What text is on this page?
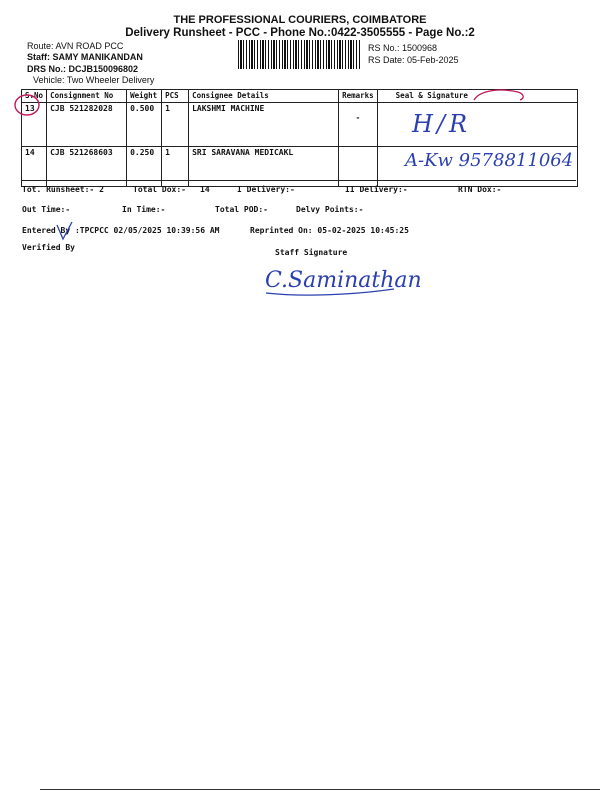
THE PROFESSIONAL COURIERS, COIMBATORE
Delivery Runsheet - PCC - Phone No.:0422-3505555 - Page No.:2
Route: AVN ROAD PCC
Staff: SAMY MANIKANDAN
DRS No.: DCJB150096802
Vehicle: Two Wheeler Delivery
RS No.: 1500968
RS Date: 05-Feb-2025
S.No	Consignment No	Weight	PCS	Consignee Details	Remarks	Seal & Signature
13	CJB 521282028	0.500	1	LAKSHMI MACHINE	-	
14	CJB 521268603	0.250	1	SRI SARAVANA MEDICAKL		
H/R
A-Kw 9578811064
Tot. Runsheet:- 2	Total Dox:- 14	I Delivery:-	II Delivery:-	RTN Dox:-
Out Time:-	In Time:-	Total POD:-	Delvy Points:-
Entered By :TPCPCC 02/05/2025 10:39:56 AM	Reprinted On: 05-02-2025 10:45:25
Verified By
Staff Signature
C.Saminathan
